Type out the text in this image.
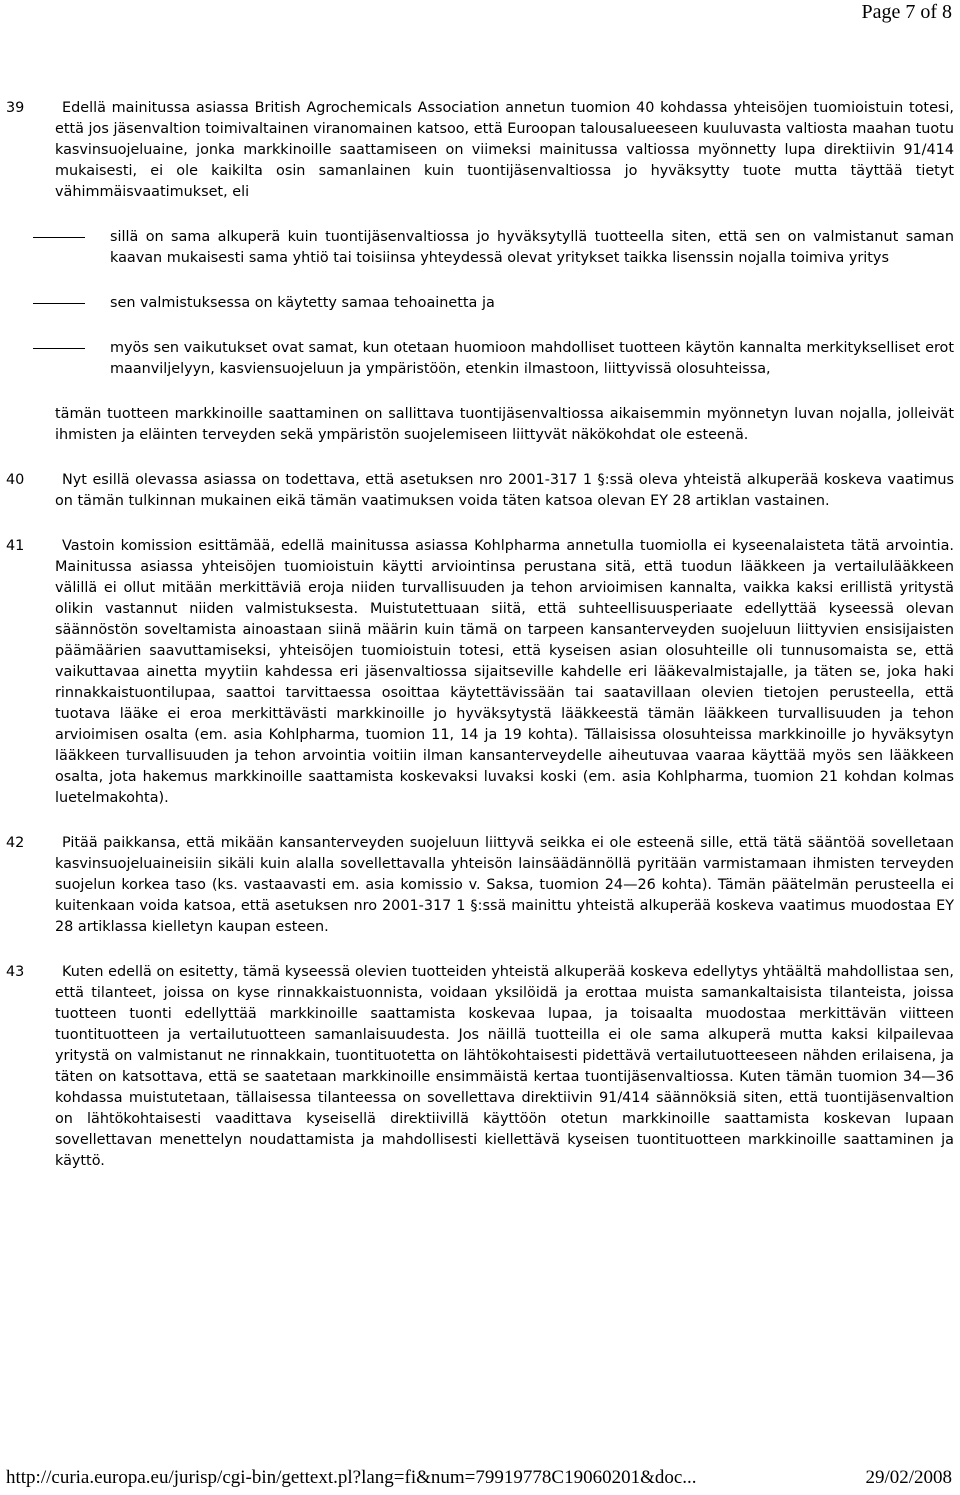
Page 7 of 8
39	Edellä mainitussa asiassa British Agrochemicals Association annetun tuomion 40 kohdassa yhteisöjen tuomioistuin totesi, että jos jäsenvaltion toimivaltainen viranomainen katsoo, että Euroopan talousalueeseen kuuluvasta valtiosta maahan tuotu kasvinsuojeluaine, jonka markkinoille saattamiseen on viimeksi mainitussa valtiossa myönnetty lupa direktiivin 91/414 mukaisesti, ei ole kaikilta osin samanlainen kuin tuontijäsenvaltiossa jo hyväksytty tuote mutta täyttää tietyt vähimmäisvaatimukset, eli
sillä on sama alkuperä kuin tuontijäsenvaltiossa jo hyväksytyllä tuotteella siten, että sen on valmistanut saman kaavan mukaisesti sama yhtiö tai toisiinsa yhteydessä olevat yritykset taikka lisenssin nojalla toimiva yritys
sen valmistuksessa on käytetty samaa tehoainetta ja
myös sen vaikutukset ovat samat, kun otetaan huomioon mahdolliset tuotteen käytön kannalta merkitykselliset erot maanviljelyyn, kasviensuojeluun ja ympäristöön, etenkin ilmastoon, liittyvissä olosuhteissa,
tämän tuotteen markkinoille saattaminen on sallittava tuontijäsenvaltiossa aikaisemmin myönnetyn luvan nojalla, jolleivät ihmisten ja eläinten terveyden sekä ympäristön suojelemiseen liittyvät näkökohdat ole esteenä.
40	Nyt esillä olevassa asiassa on todettava, että asetuksen nro 2001-317 1 §:ssä oleva yhteistä alkuperää koskeva vaatimus on tämän tulkinnan mukainen eikä tämän vaatimuksen voida täten katsoa olevan EY 28 artiklan vastainen.
41	Vastoin komission esittämää, edellä mainitussa asiassa Kohlpharma annetulla tuomiolla ei kyseenalaisteta tätä arvointia. Mainitussa asiassa yhteisöjen tuomioistuin käytti arviointinsa perustana sitä, että tuodun lääkkeen ja vertailulääkkeen välillä ei ollut mitään merkittäviä eroja niiden turvallisuuden ja tehon arvioimisen kannalta, vaikka kaksi erillistä yritystä olikin vastannut niiden valmistuksesta. Muistutettuaan siitä, että suhteellisuusperiaate edellyttää kyseessä olevan säännöstön soveltamista ainoastaan siinä määrin kuin tämä on tarpeen kansanterveyden suojeluun liittyvien ensisijaisten päämäärien saavuttamiseksi, yhteisöjen tuomioistuin totesi, että kyseisen asian olosuhteille oli tunnusomaista se, että vaikuttavaa ainetta myytiin kahdessa eri jäsenvaltiossa sijaitseville kahdelle eri lääkevalmistajalle, ja täten se, joka haki rinnakkaistuontilupaa, saattoi tarvittaessa osoittaa käytettävissään tai saatavillaan olevien tietojen perusteella, että tuotava lääke ei eroa merkittävästi markkinoille jo hyväksytystä lääkkeestä tämän lääkkeen turvallisuuden ja tehon arvioimisen osalta (em. asia Kohlpharma, tuomion 11, 14 ja 19 kohta). Tällaisissa olosuhteissa markkinoille jo hyväksytyn lääkkeen turvallisuuden ja tehon arvointia voitiin ilman kansanterveydelle aiheutuvaa vaaraa käyttää myös sen lääkkeen osalta, jota hakemus markkinoille saattamista koskevaksi luvaksi koski (em. asia Kohlpharma, tuomion 21 kohdan kolmas luetelmakohta).
42	Pitää paikkansa, että mikään kansanterveyden suojeluun liittyvä seikka ei ole esteenä sille, että tätä sääntöä sovelletaan kasvinsuojeluaineisiin sikäli kuin alalla sovellettavalla yhteisön lainsäädännöllä pyritään varmistamaan ihmisten terveyden suojelun korkea taso (ks. vastaavasti em. asia komissio v. Saksa, tuomion 24—26 kohta). Tämän päätelmän perusteella ei kuitenkaan voida katsoa, että asetuksen nro 2001-317 1 §:ssä mainittu yhteistä alkuperää koskeva vaatimus muodostaa EY 28 artiklassa kielletyn kaupan esteen.
43	Kuten edellä on esitetty, tämä kyseessä olevien tuotteiden yhteistä alkuperää koskeva edellytys yhtäältä mahdollistaa sen, että tilanteet, joissa on kyse rinnakkaistuonnista, voidaan yksilöidä ja erottaa muista samankaltaisista tilanteista, joissa tuotteen tuonti edellyttää markkinoille saattamista koskevaa lupaa, ja toisaalta muodostaa merkittävän viitteen tuontituotteen ja vertailutuotteen samanlaisuudesta. Jos näillä tuotteilla ei ole sama alkuperä mutta kaksi kilpailevaa yritystä on valmistanut ne rinnakkain, tuontituotetta on lähtökohtaisesti pidettävä vertailutuotteeseen nähden erilaisena, ja täten on katsottava, että se saatetaan markkinoille ensimmäistä kertaa tuontijäsenvaltiossa. Kuten tämän tuomion 34—36 kohdassa muistutetaan, tällaisessa tilanteessa on sovellettava direktiivin 91/414 säännöksiä siten, että tuontijäsenvaltion on lähtökohtaisesti vaadittava kyseisellä direktiivillä käyttöön otetun markkinoille saattamista koskevan lupaan sovellettavan menettelyn noudattamista ja mahdollisesti kiellettävä kyseisen tuontituotteen markkinoille saattaminen ja käyttö.
http://curia.europa.eu/jurisp/cgi-bin/gettext.pl?lang=fi&num=79919778C19060201&doc...	29/02/2008
